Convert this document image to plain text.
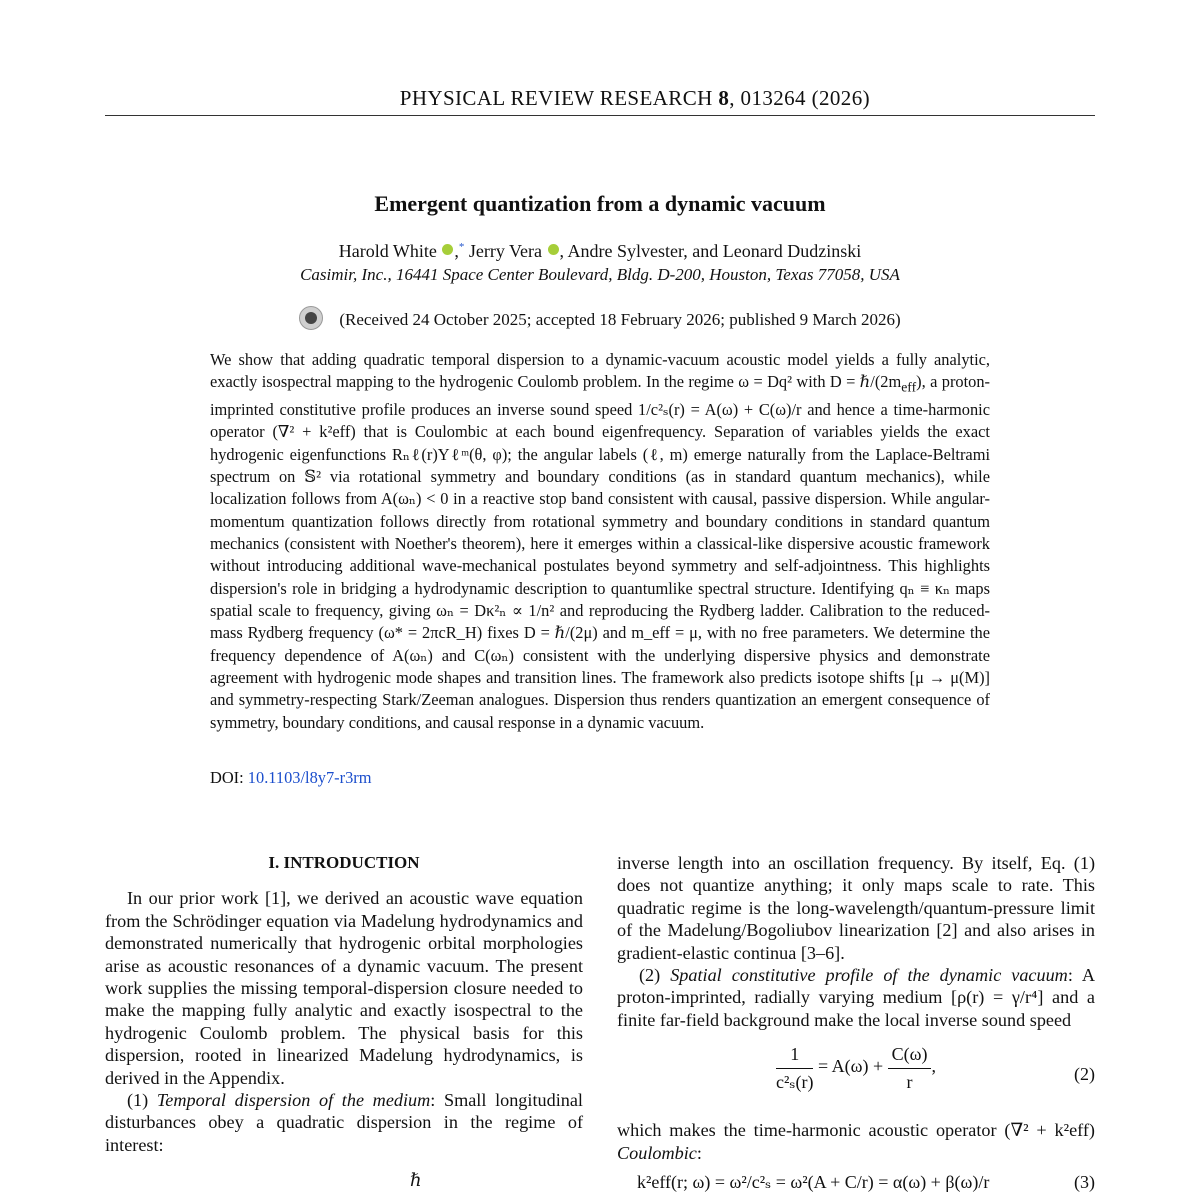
PHYSICAL REVIEW RESEARCH 8, 013264 (2026)
Emergent quantization from a dynamic vacuum
Harold White ,* Jerry Vera , Andre Sylvester, and Leonard Dudzinski
Casimir, Inc., 16441 Space Center Boulevard, Bldg. D-200, Houston, Texas 77058, USA
(Received 24 October 2025; accepted 18 February 2026; published 9 March 2026)
We show that adding quadratic temporal dispersion to a dynamic-vacuum acoustic model yields a fully analytic, exactly isospectral mapping to the hydrogenic Coulomb problem. In the regime ω = Dq² with $D = \hbar/(2m_{eff})$, a proton-imprinted constitutive profile produces an inverse sound speed 1/c²ₛ(r) = A(ω) + C(ω)/r and hence a time-harmonic operator (∇² + k²eff) that is Coulombic at each bound eigenfrequency. Separation of variables yields the exact hydrogenic eigenfunctions Rₙℓ(r)Yℓᵐ(θ, φ); the angular labels (ℓ, m) emerge naturally from the Laplace-Beltrami spectrum on 𝕊² via rotational symmetry and boundary conditions (as in standard quantum mechanics), while localization follows from A(ωₙ) < 0 in a reactive stop band consistent with causal, passive dispersion. While angular-momentum quantization follows directly from rotational symmetry and boundary conditions in standard quantum mechanics (consistent with Noether's theorem), here it emerges within a classical-like dispersive acoustic framework without introducing additional wave-mechanical postulates beyond symmetry and self-adjointness. This highlights dispersion's role in bridging a hydrodynamic description to quantumlike spectral structure. Identifying qₙ ≡ κₙ maps spatial scale to frequency, giving ωₙ = Dκ²ₙ ∝ 1/n² and reproducing the Rydberg ladder. Calibration to the reduced-mass Rydberg frequency (ω* = 2πcR_H) fixes D = ℏ/(2μ) and m_eff = μ, with no free parameters. We determine the frequency dependence of A(ωₙ) and C(ωₙ) consistent with the underlying dispersive physics and demonstrate agreement with hydrogenic mode shapes and transition lines. The framework also predicts isotope shifts [μ → μ(M)] and symmetry-respecting Stark/Zeeman analogues. Dispersion thus renders quantization an emergent consequence of symmetry, boundary conditions, and causal response in a dynamic vacuum.
DOI: 10.1103/l8y7-r3rm
I. INTRODUCTION

In our prior work [1], we derived an acoustic wave equation from the Schrödinger equation via Madelung hydrodynamics and demonstrated numerically that hydrogenic orbital morphologies arise as acoustic resonances of a dynamic vacuum. The present work supplies the missing temporal-dispersion closure needed to make the mapping fully analytic and exactly isospectral to the hydrogenic Coulomb problem. The physical basis for this dispersion, rooted in linearized Madelung hydrodynamics, is derived in the Appendix.

(1) Temporal dispersion of the medium: Small longitudinal disturbances obey a quadratic dispersion in the regime of interest:

ℏ

inverse length into an oscillation frequency. By itself, Eq. (1) does not quantize anything; it only maps scale to rate. This quadratic regime is the long-wavelength/quantum-pressure limit of the Madelung/Bogoliubov linearization [2] and also arises in gradient-elastic continua [3–6].

(2) Spatial constitutive profile of the dynamic vacuum: A proton-imprinted, radially varying medium [ρ(r) = γ/r⁴] and a finite far-field background make the local inverse sound speed

$\frac{1}{\text{c²ₛ(r)}} = A(\omega) + \frac{C(\omega)}{r}$ ,	(2)

which makes the time-harmonic acoustic operator (∇² + k²eff) Coulombic:

k²eff(r; ω) = ω²/c²ₛ = ω²(A + C/r) = α(ω) + β(ω)/r	(3)
